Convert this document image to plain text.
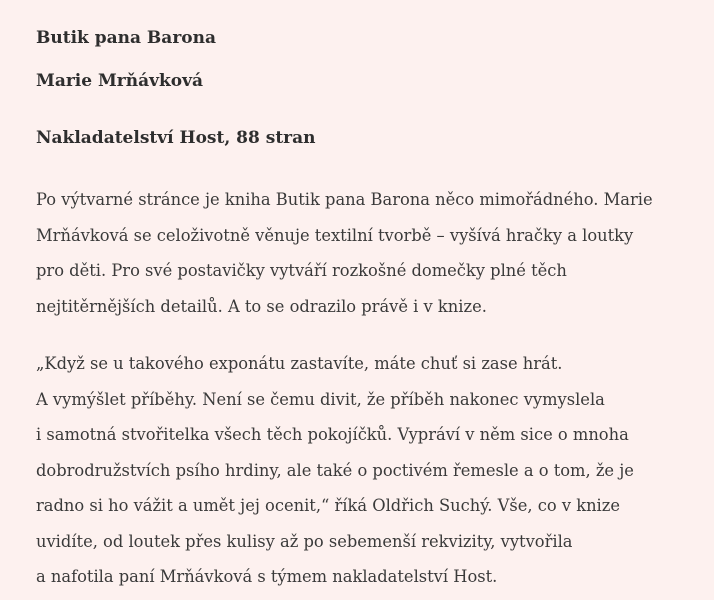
Butik pana Barona

Marie Mrňávková

Nakladatelství Host, 88 stran

Po výtvarné stránce je kniha Butik pana Barona něco mimořádného. Marie
Mrňávková se celoživotně věnuje textilní tvorbě – vyšívá hračky a loutky
pro děti. Pro své postavičky vytváří rozkošné domečky plné těch
nejtitěrnějších detailů. A to se odrazilo právě i v knize.

„Když se u takového exponátu zastavíte, máte chuť si zase hrát.
A vymýšlet příběhy. Není se čemu divit, že příběh nakonec vymyslela
i samotná stvořitelka všech těch pokojíčků. Vypráví v něm sice o mnoha
dobrodružstvích psího hrdiny, ale také o poctivém řemesle a o tom, že je
radno si ho vážit a umět jej ocenit,“ říká Oldřich Suchý. Vše, co v knize
uvidíte, od loutek přes kulisy až po sebemenší rekvizity, vytvořila
a nafotila paní Mrňávková s týmem nakladatelství Host.
